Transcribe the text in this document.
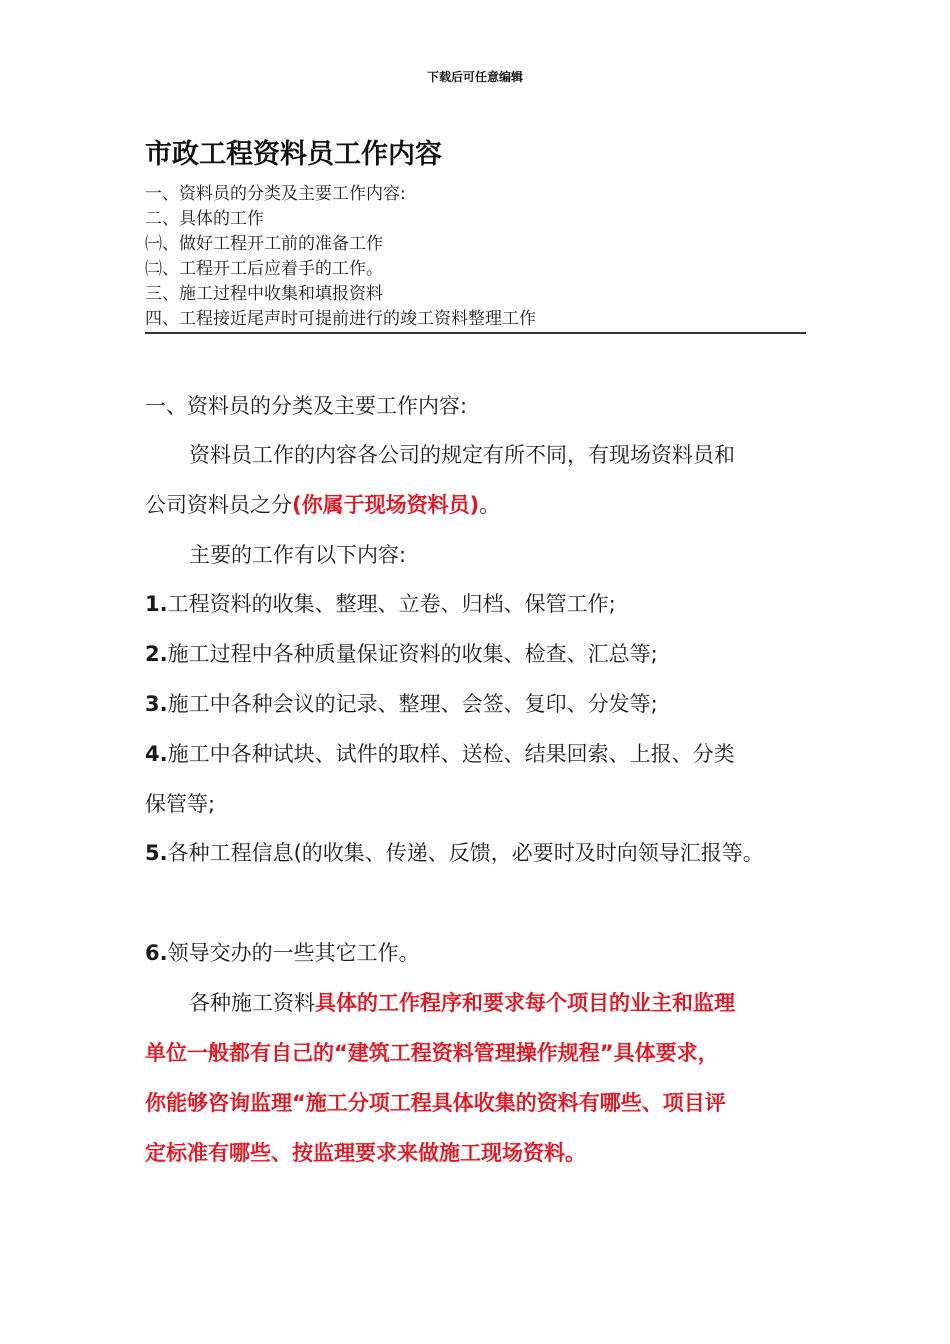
下载后可任意编辑
市政工程资料员工作内容
一、资料员的分类及主要工作内容:
二、具体的工作
㈠、做好工程开工前的准备工作
㈡、工程开工后应着手的工作。
三、施工过程中收集和填报资料
四、工程接近尾声时可提前进行的竣工资料整理工作
一、资料员的分类及主要工作内容:
资料员工作的内容各公司的规定有所不同，有现场资料员和
公司资料员之分(你属于现场资料员)。
主要的工作有以下内容:
1.工程资料的收集、整理、立卷、归档、保管工作;
2.施工过程中各种质量保证资料的收集、检查、汇总等;
3.施工中各种会议的记录、整理、会签、复印、分发等;
4.施工中各种试块、试件的取样、送检、结果回索、上报、分类
保管等;
5.各种工程信息(的收集、传递、反馈，必要时及时向领导汇报等。
6.领导交办的一些其它工作。
各种施工资料具体的工作程序和要求每个项目的业主和监理
单位一般都有自己的“建筑工程资料管理操作规程”具体要求，
你能够咨询监理“施工分项工程具体收集的资料有哪些、项目评
定标准有哪些、按监理要求来做施工现场资料。
